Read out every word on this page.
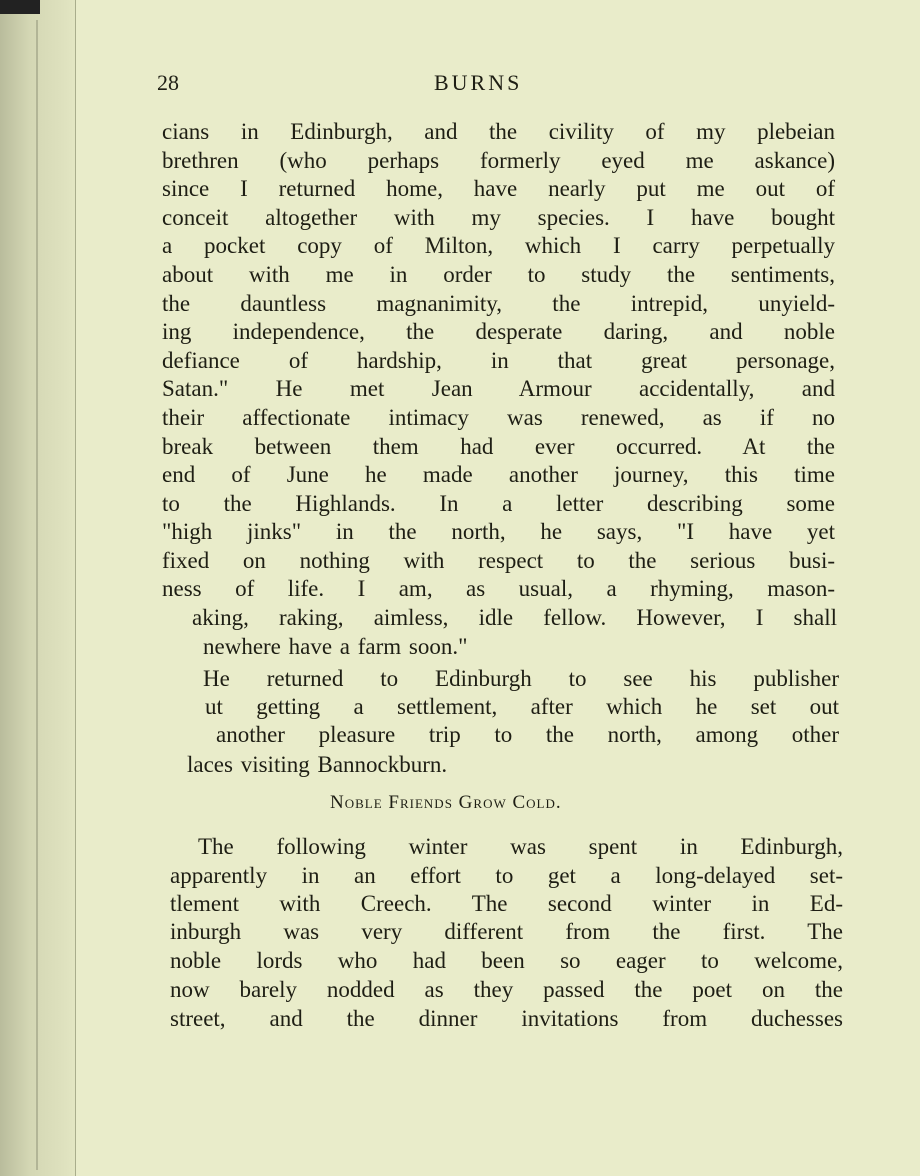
28	BURNS
cians in Edinburgh, and the civility of my plebeian
brethren (who perhaps formerly eyed me askance)
since I returned home, have nearly put me out of
conceit altogether with my species. I have bought
a pocket copy of Milton, which I carry perpetually
about with me in order to study the sentiments,
the dauntless magnanimity, the intrepid, unyield-
ing independence, the desperate daring, and noble
defiance of hardship, in that great personage,
Satan." He met Jean Armour accidentally, and
their affectionate intimacy was renewed, as if no
break between them had ever occurred. At the
end of June he made another journey, this time
to the Highlands. In a letter describing some
"high jinks" in the north, he says, "I have yet
fixed on nothing with respect to the serious busi-
ness of life. I am, as usual, a rhyming, mason-
aking, raking, aimless, idle fellow. However, I shall
newhere have a farm soon."
He returned to Edinburgh to see his publisher
ut getting a settlement, after which he set out
another pleasure trip to the north, among other
laces visiting Bannockburn.
Noble Friends Grow Cold.
The following winter was spent in Edinburgh,
apparently in an effort to get a long-delayed set-
tlement with Creech. The second winter in Ed-
inburgh was very different from the first. The
noble lords who had been so eager to welcome,
now barely nodded as they passed the poet on the
street, and the dinner invitations from duchesses
